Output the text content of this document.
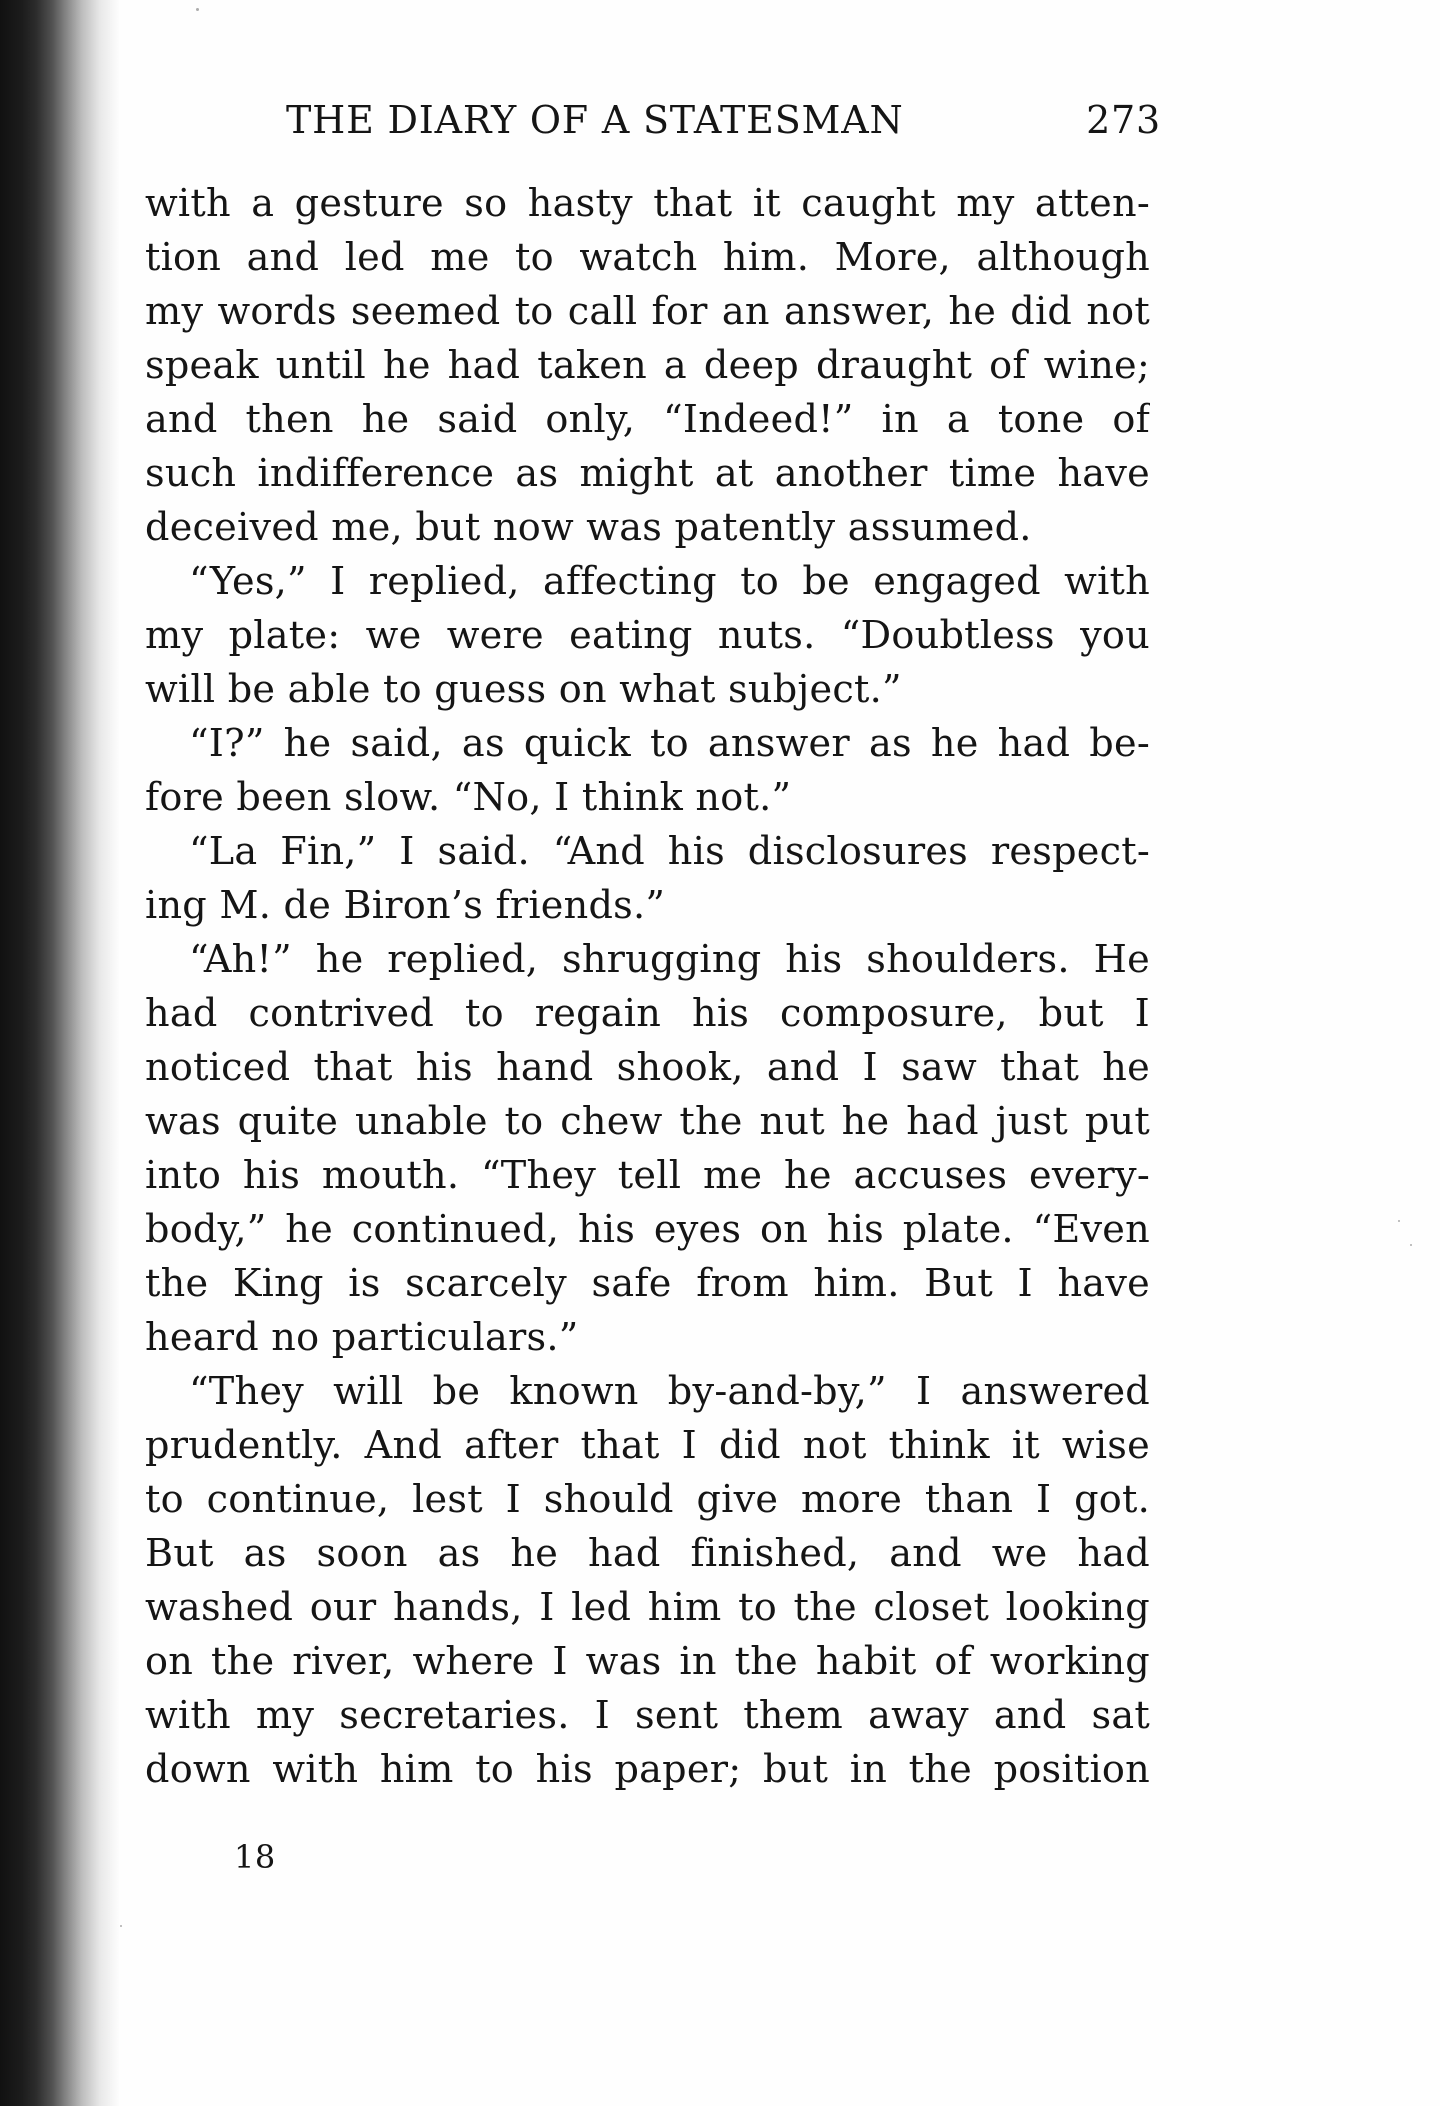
THE DIARY OF A STATESMAN	273
with a gesture so hasty that it caught my atten-
tion and led me to watch him. More, although
my words seemed to call for an answer, he did not
speak until he had taken a deep draught of wine;
and then he said only, “Indeed!” in a tone of
such indifference as might at another time have
deceived me, but now was patently assumed.
“Yes,” I replied, affecting to be engaged with
my plate: we were eating nuts. “Doubtless you
will be able to guess on what subject.”
“I?” he said, as quick to answer as he had be-
fore been slow. “No, I think not.”
“La Fin,” I said. “And his disclosures respect-
ing M. de Biron’s friends.”
“Ah!” he replied, shrugging his shoulders. He
had contrived to regain his composure, but I
noticed that his hand shook, and I saw that he
was quite unable to chew the nut he had just put
into his mouth. “They tell me he accuses every-
body,” he continued, his eyes on his plate. “Even
the King is scarcely safe from him. But I have
heard no particulars.”
“They will be known by-and-by,” I answered
prudently. And after that I did not think it wise
to continue, lest I should give more than I got.
But as soon as he had finished, and we had
washed our hands, I led him to the closet looking
on the river, where I was in the habit of working
with my secretaries. I sent them away and sat
down with him to his paper; but in the position
18
